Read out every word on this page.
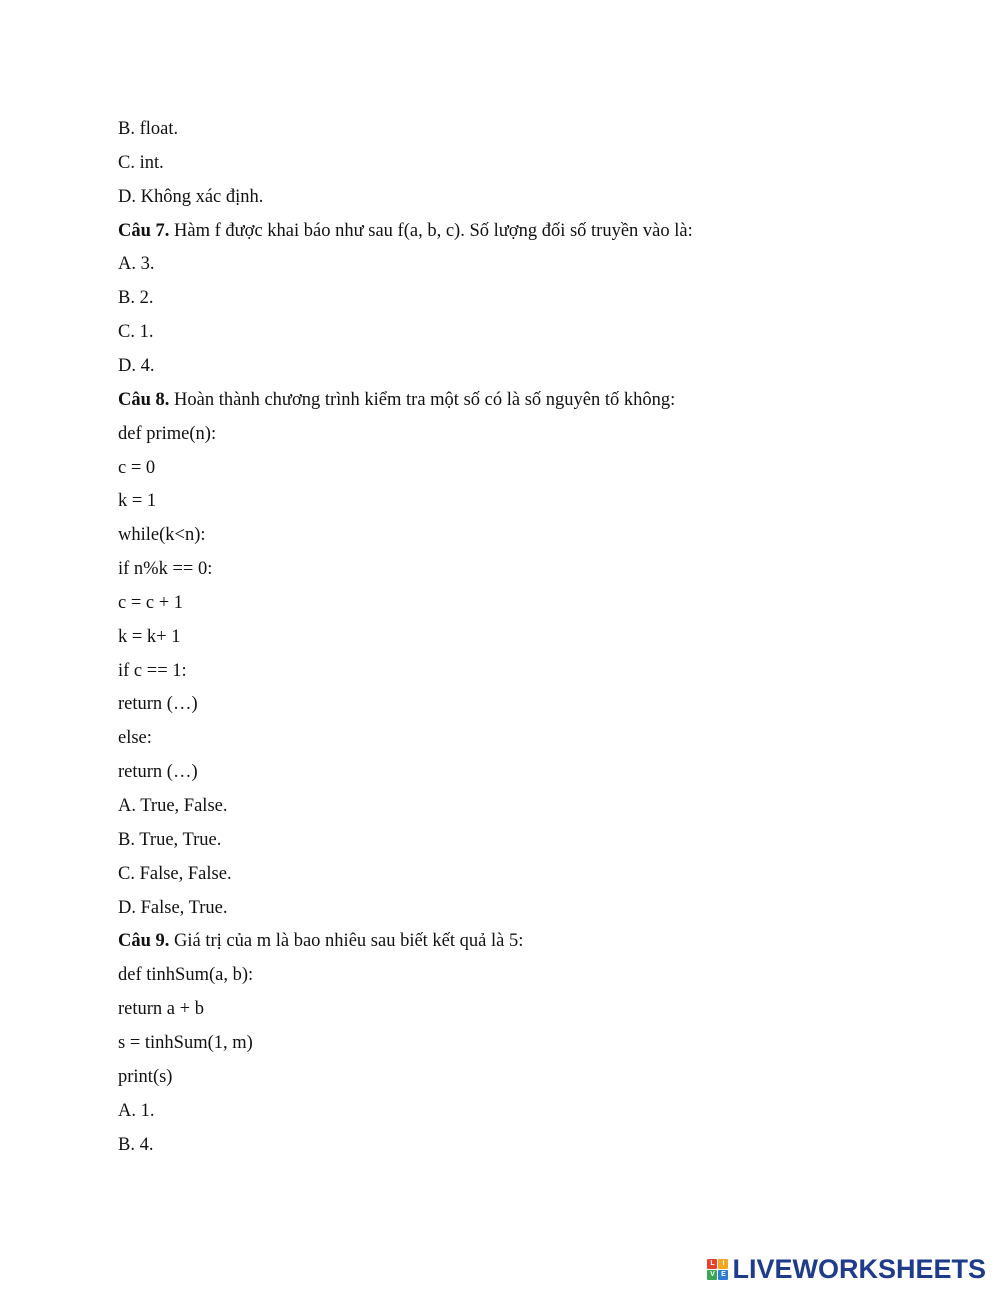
B. float.
C. int.
D. Không xác định.
Câu 7. Hàm f được khai báo như sau f(a, b, c). Số lượng đối số truyền vào là:
A. 3.
B. 2.
C. 1.
D. 4.
Câu 8. Hoàn thành chương trình kiểm tra một số có là số nguyên tố không:
def prime(n):
c = 0
k = 1
while(k<n):
if n%k == 0:
c = c + 1
k = k+ 1
if c == 1:
return (…)
else:
return (…)
A. True, False.
B. True, True.
C. False, False.
D. False, True.
Câu 9. Giá trị của m là bao nhiêu sau biết kết quả là 5:
def tinhSum(a, b):
return a + b
s = tinhSum(1, m)
print(s)
A. 1.
B. 4.
L	I
V E LIVEWORKSHEETS
